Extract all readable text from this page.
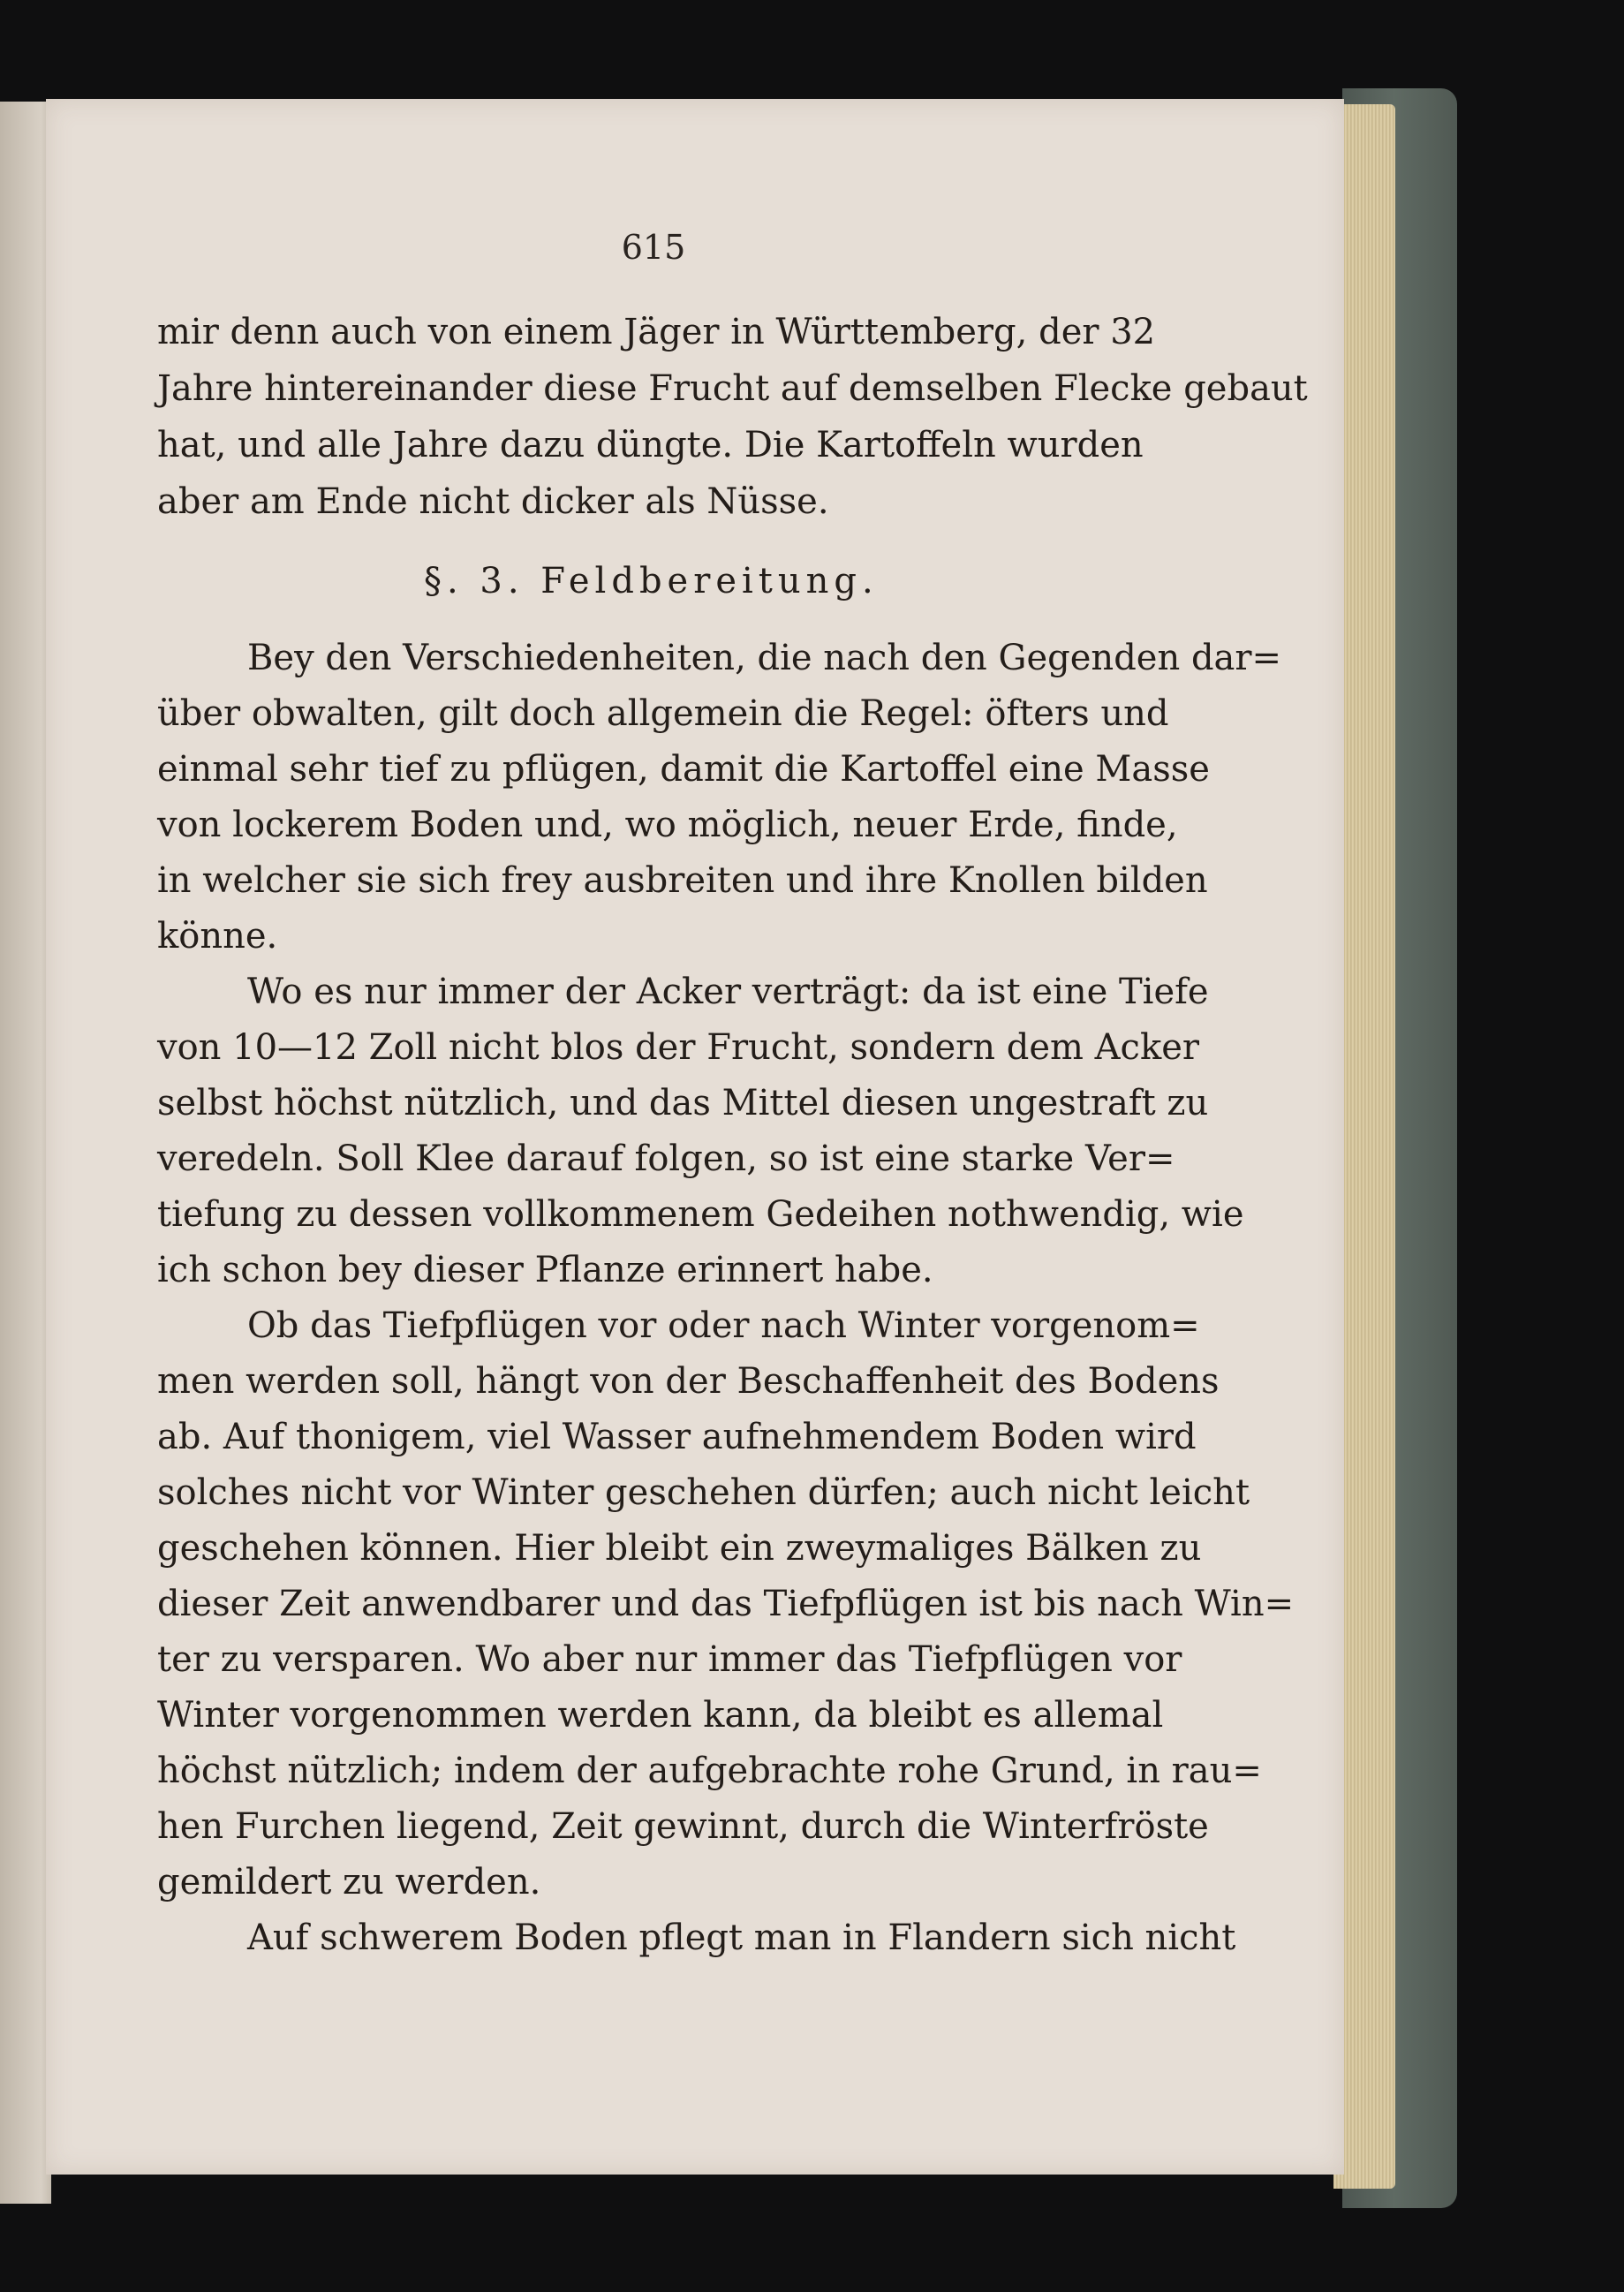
615
mir denn auch von einem Jäger in Württemberg, der 32
Jahre hintereinander diese Frucht auf demselben Flecke gebaut
hat, und alle Jahre dazu düngte. Die Kartoffeln wurden
aber am Ende nicht dicker als Nüsse.
§. 3. Feldbereitung.
Bey den Verschiedenheiten, die nach den Gegenden dar=
über obwalten, gilt doch allgemein die Regel: öfters und
einmal sehr tief zu pflügen, damit die Kartoffel eine Masse
von lockerem Boden und, wo möglich, neuer Erde, finde,
in welcher sie sich frey ausbreiten und ihre Knollen bilden
könne.
Wo es nur immer der Acker verträgt: da ist eine Tiefe
von 10—12 Zoll nicht blos der Frucht, sondern dem Acker
selbst höchst nützlich, und das Mittel diesen ungestraft zu
veredeln. Soll Klee darauf folgen, so ist eine starke Ver=
tiefung zu dessen vollkommenem Gedeihen nothwendig, wie
ich schon bey dieser Pflanze erinnert habe.
Ob das Tiefpflügen vor oder nach Winter vorgenom=
men werden soll, hängt von der Beschaffenheit des Bodens
ab. Auf thonigem, viel Wasser aufnehmendem Boden wird
solches nicht vor Winter geschehen dürfen; auch nicht leicht
geschehen können. Hier bleibt ein zweymaliges Bälken zu
dieser Zeit anwendbarer und das Tiefpflügen ist bis nach Win=
ter zu versparen. Wo aber nur immer das Tiefpflügen vor
Winter vorgenommen werden kann, da bleibt es allemal
höchst nützlich; indem der aufgebrachte rohe Grund, in rau=
hen Furchen liegend, Zeit gewinnt, durch die Winterfröste
gemildert zu werden.
Auf schwerem Boden pflegt man in Flandern sich nicht
